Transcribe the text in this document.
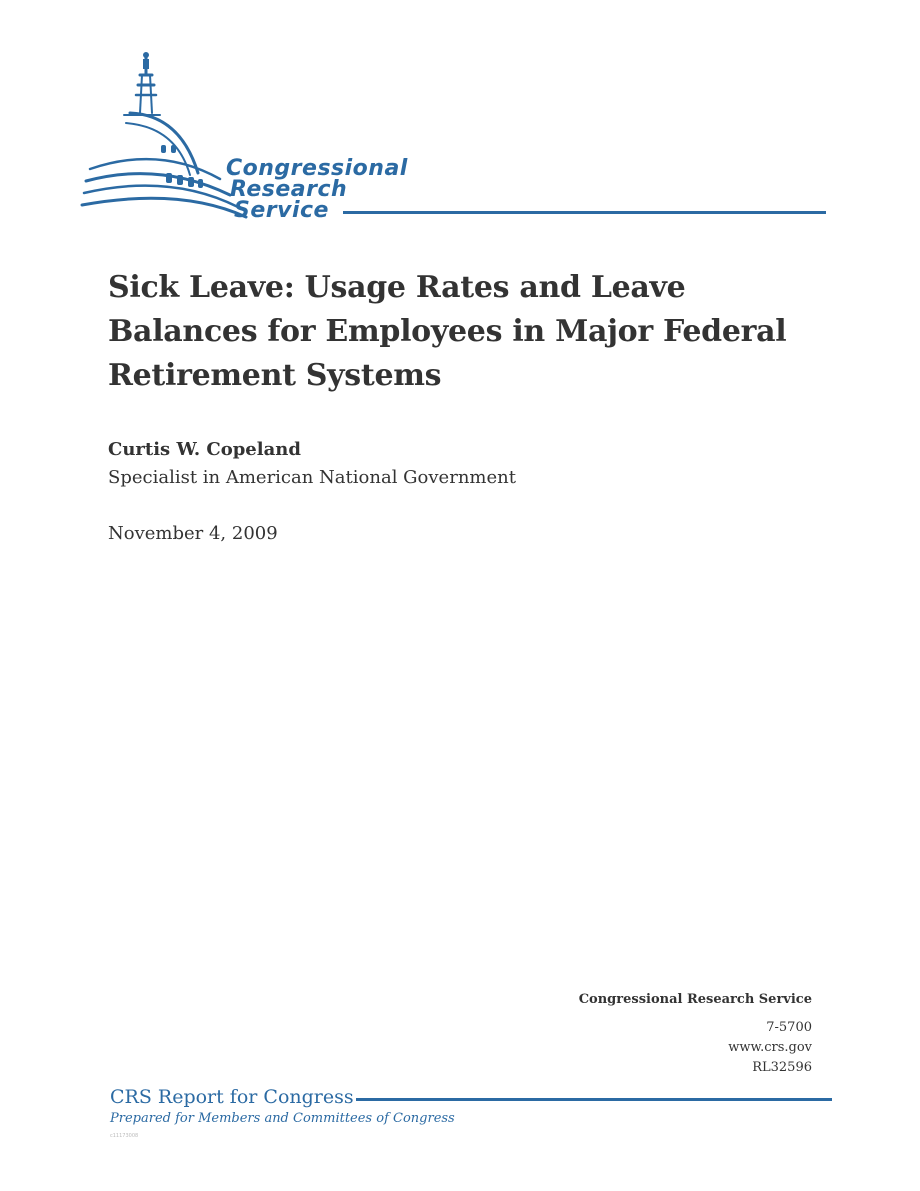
Congressional
Research
Service
Sick Leave: Usage Rates and Leave Balances for Employees in Major Federal Retirement Systems

Curtis W. Copeland

Specialist in American National Government

November 4, 2009

Congressional Research Service
7-5700
www.crs.gov
RL32596
CRS Report for Congress
Prepared for Members and Committees of Congress
c11173008
